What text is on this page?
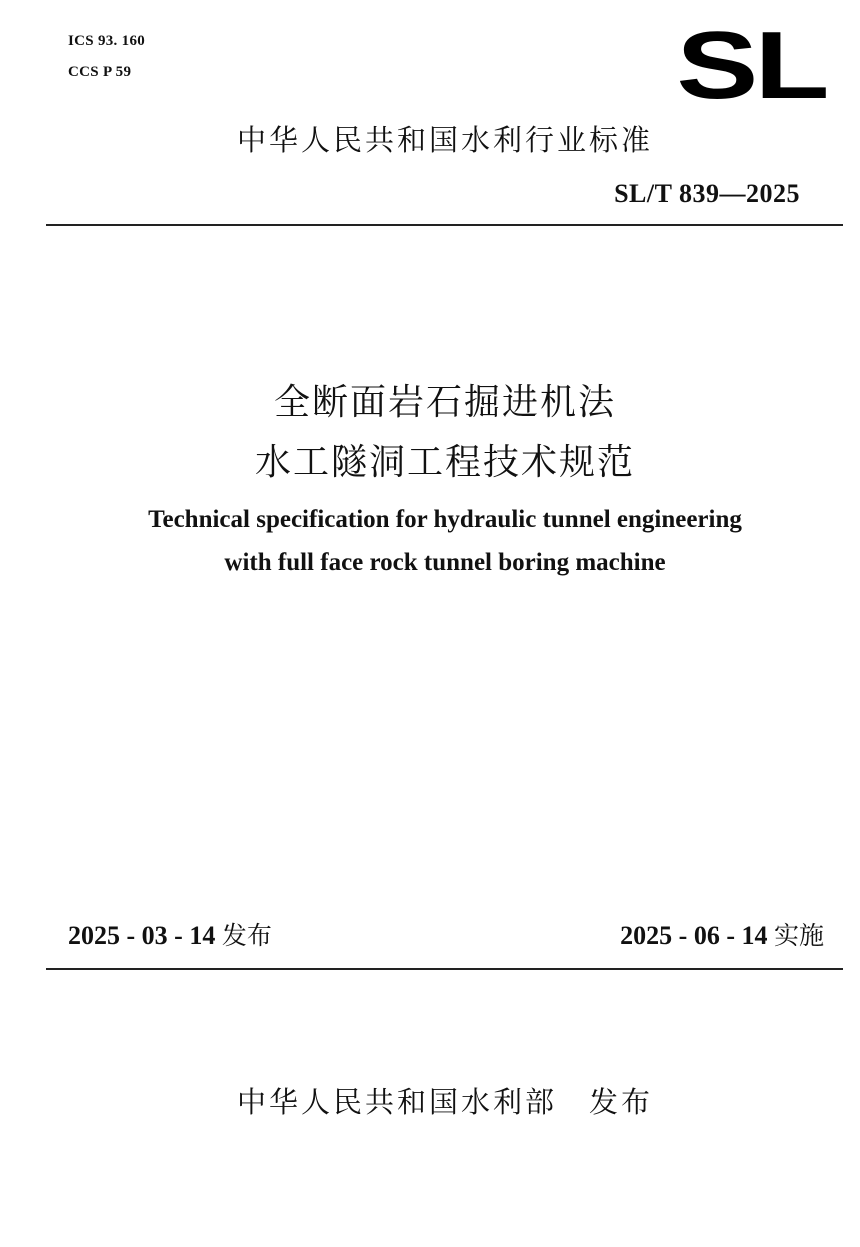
ICS 93. 160
CCS P 59	SL
中华人民共和国水利行业标准
SL/T 839—2025
全断面岩石掘进机法
水工隧洞工程技术规范
Technical specification for hydraulic tunnel engineering
with full face rock tunnel boring machine
2025 - 03 - 14 发布	2025 - 06 - 14 实施
中华人民共和国水利部　发布
